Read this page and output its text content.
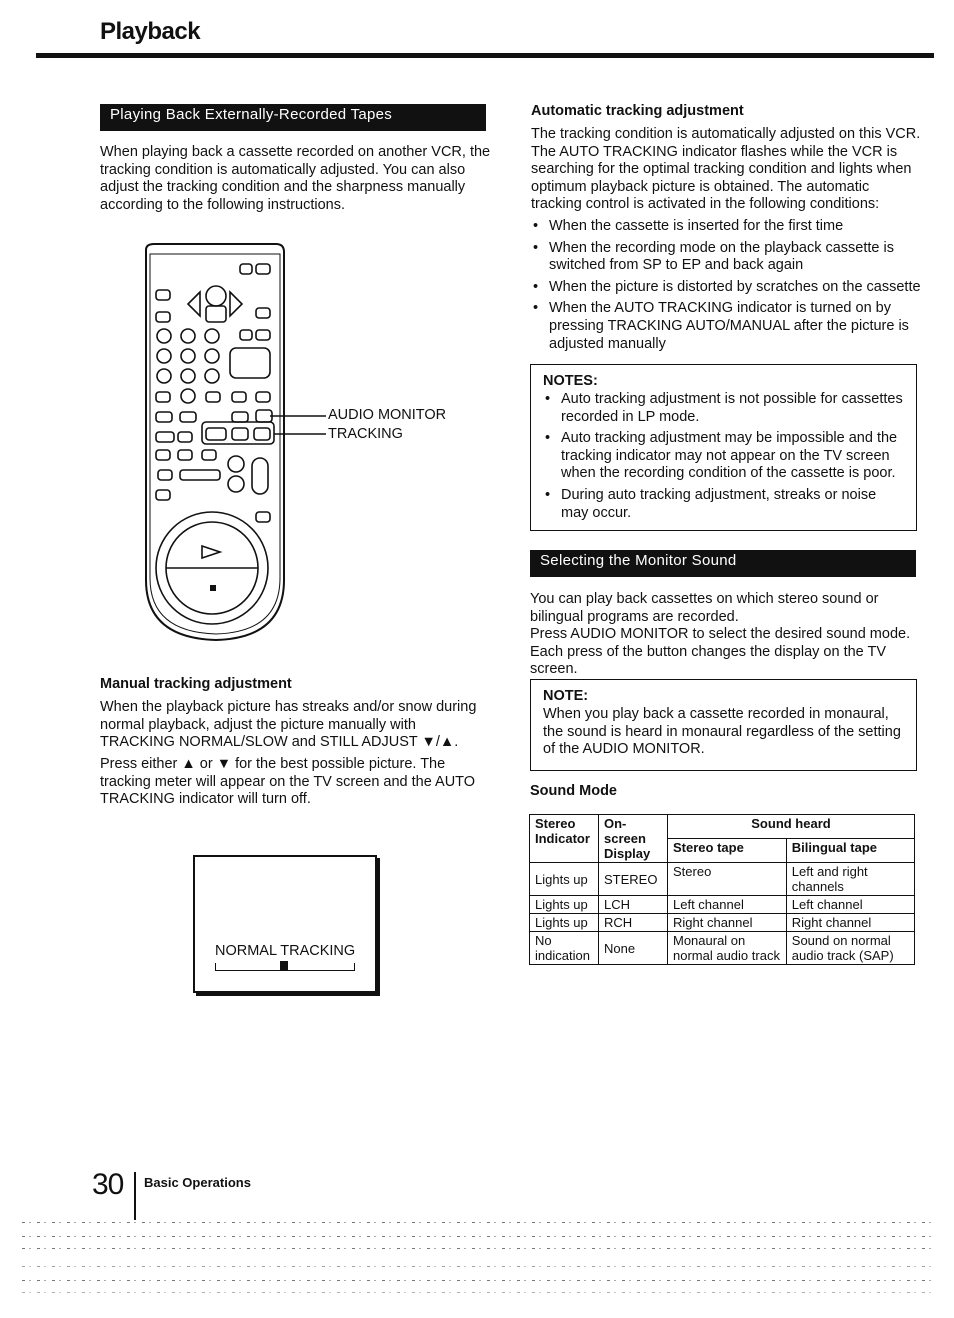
Playback
Playing Back Externally-Recorded Tapes

When playing back a cassette recorded on another VCR, the tracking condition is automatically adjusted. You can also adjust the tracking condition and the sharpness manually according to the following instructions.

AUDIO MONITOR
TRACKING
Manual tracking adjustment

When the playback picture has streaks and/or snow during normal playback, adjust the picture manually with TRACKING NORMAL/SLOW and STILL ADJUST ▼/▲.

Press either ▲ or ▼ for the best possible picture. The tracking meter will appear on the TV screen and the AUTO TRACKING indicator will turn off.

NORMAL TRACKING
Automatic tracking adjustment

The tracking condition is automatically adjusted on this VCR. The AUTO TRACKING indicator flashes while the VCR is searching for the optimal tracking condition and lights when optimum playback picture is obtained. The automatic tracking control is activated in the following conditions:

• When the cassette is inserted for the first time
• When the recording mode on the playback cassette is switched from SP to EP and back again
• When the picture is distorted by scratches on the cassette
• When the AUTO TRACKING indicator is turned on by pressing TRACKING AUTO/MANUAL after the picture is adjusted manually
NOTES:
• Auto tracking adjustment is not possible for cassettes recorded in LP mode.
• Auto tracking adjustment may be impossible and the tracking indicator may not appear on the TV screen when the recording condition of the cassette is poor.
• During auto tracking adjustment, streaks or noise may occur.
Selecting the Monitor Sound

You can play back cassettes on which stereo sound or bilingual programs are recorded.
Press AUDIO MONITOR to select the desired sound mode.
Each press of the button changes the display on the TV screen.

NOTE:

When you play back a cassette recorded in monaural, the sound is heard in monaural regardless of the setting of the AUDIO MONITOR.

Sound Mode
Stereo Indicator	On-screen Display	Sound heard	
		Stereo tape	Bilingual tape
Lights up	STEREO	Stereo	Left and right channels
Lights up	LCH	Left channel	Left channel
Lights up	RCH	Right channel	Right channel
No indication	None	Monaural on normal audio track	Sound on normal audio track (SAP)
30 Basic Operations
